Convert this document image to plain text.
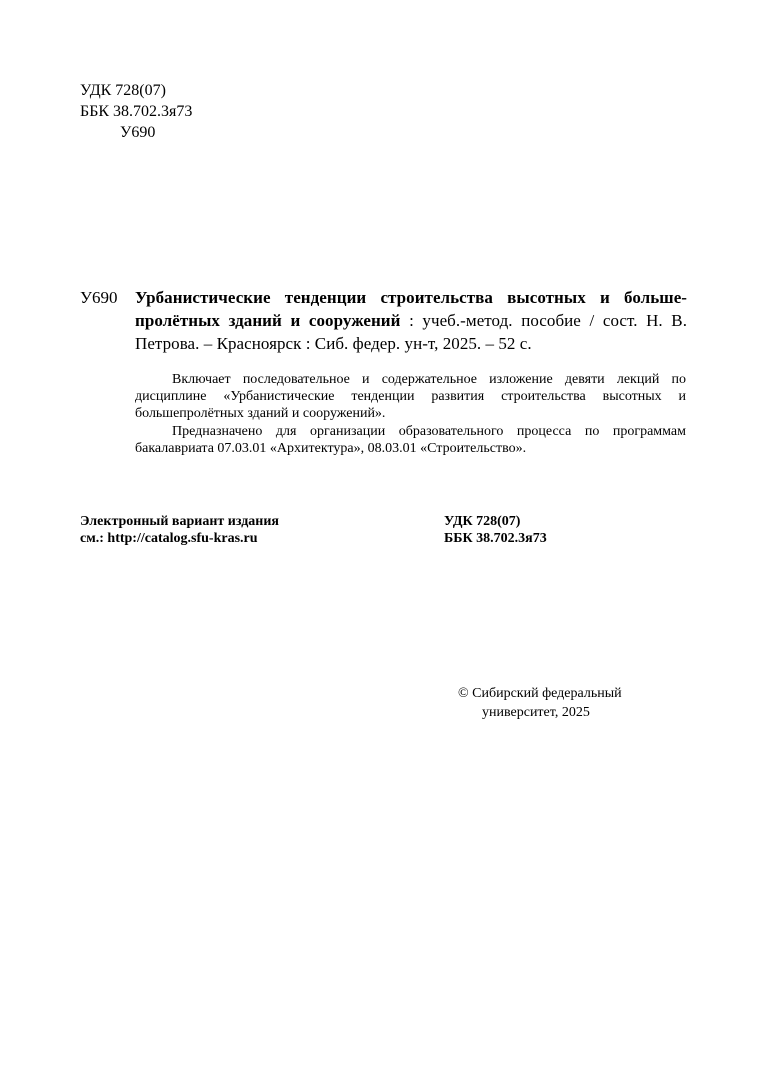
УДК 728(07)
ББК 38.702.3я73
У690
У690 Урбанистические тенденции строительства высотных и больше-пролётных зданий и сооружений : учеб.-метод. пособие / сост. Н. В. Петрова. – Красноярск : Сиб. федер. ун-т, 2025. – 52 с.

Включает последовательное и содержательное изложение девяти лекций по дисциплине «Урбанистические тенденции развития строительства высотных и большепролётных зданий и сооружений».

Предназначено для организации образовательного процесса по программам бакалавриата 07.03.01 «Архитектура», 08.03.01 «Строительство».

Электронный вариант издания
см.: http://catalog.sfu-kras.ru
УДК 728(07)
ББК 38.702.3я73
© Сибирский федеральный
университет, 2025
